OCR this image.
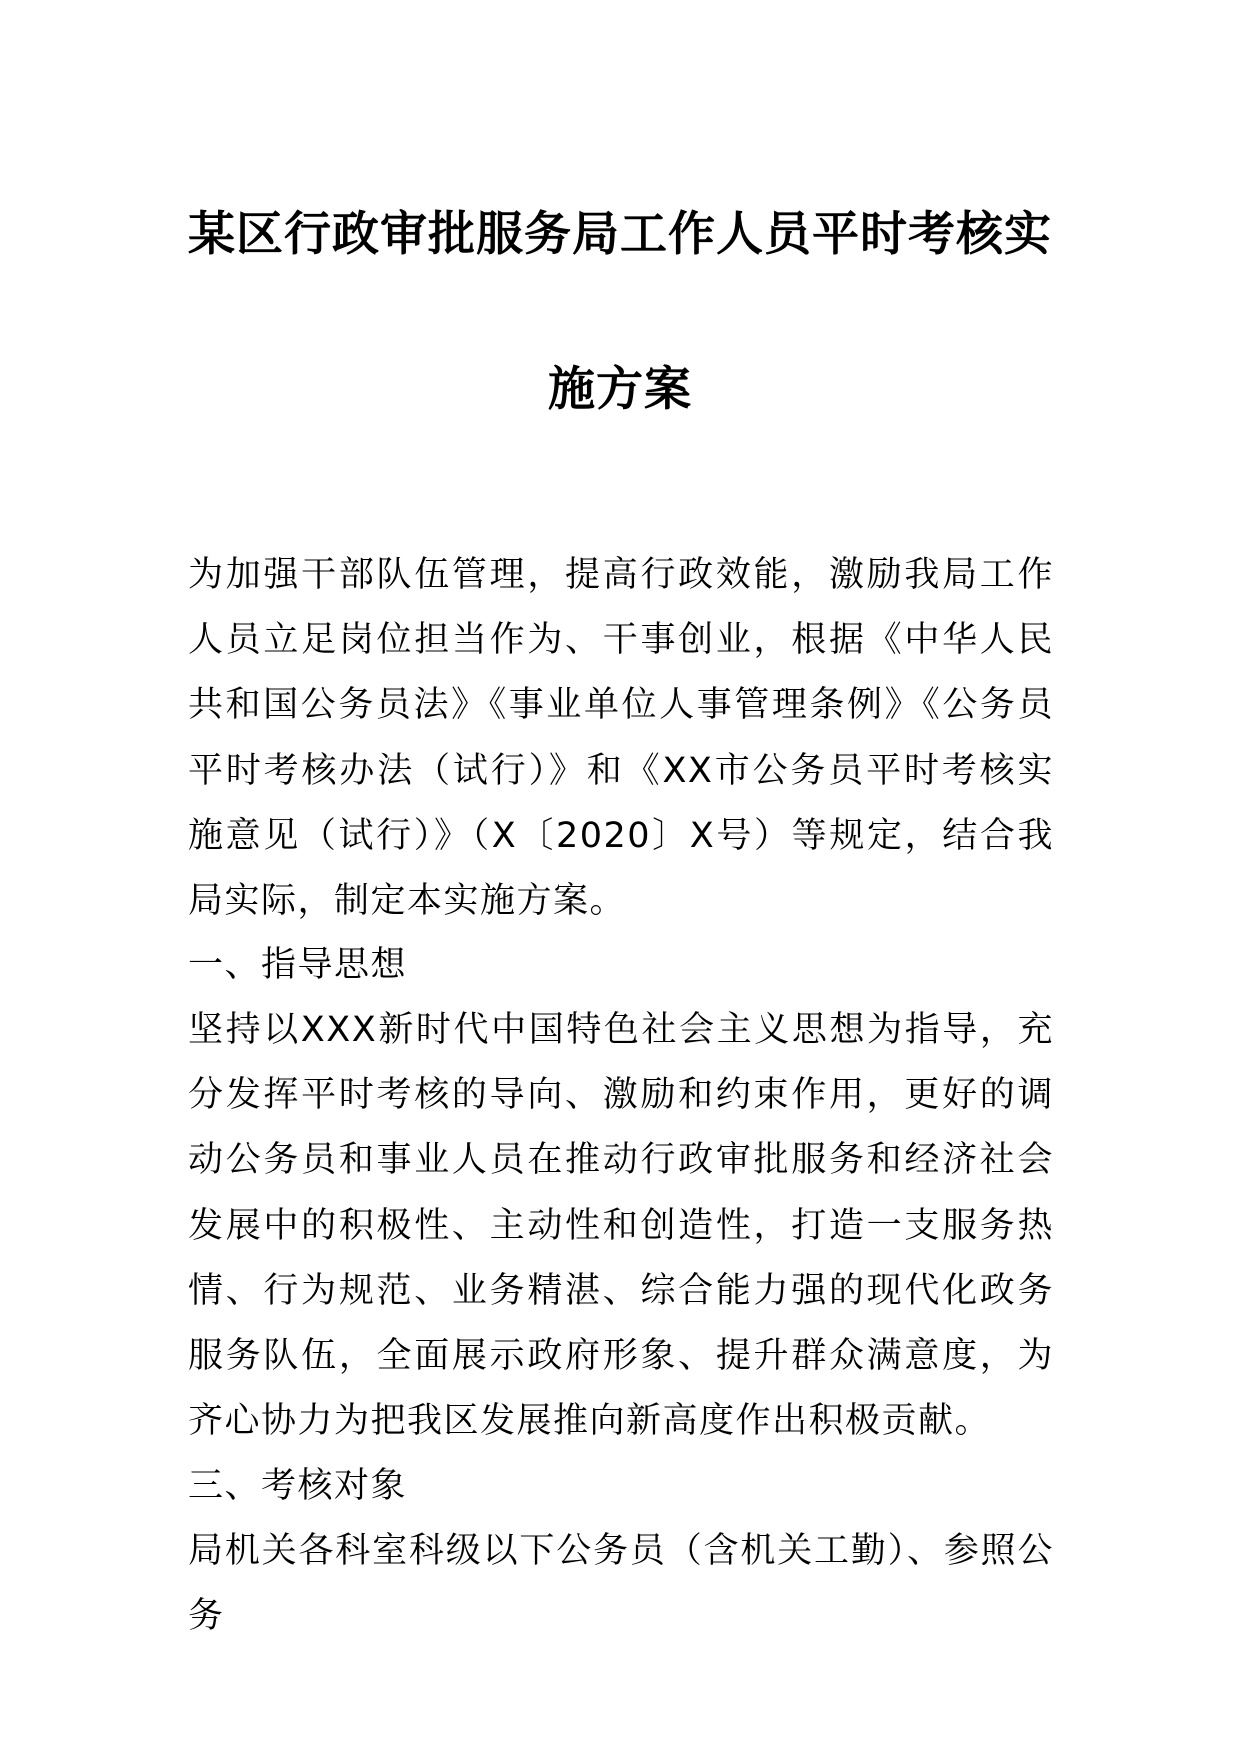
某区行政审批服务局工作人员平时考核实
施方案

为加强干部队伍管理，提高行政效能，激励我局工作人员立足岗位担当作为、干事创业，根据《中华人民共和国公务员法》《事业单位人事管理条例》《公务员平时考核办法（试行）》和《XX市公务员平时考核实施意见（试行）》（X〔2020〕X号）等规定，结合我局实际，制定本实施方案。

一、指导思想

坚持以XXX新时代中国特色社会主义思想为指导，充分发挥平时考核的导向、激励和约束作用，更好的调动公务员和事业人员在推动行政审批服务和经济社会发展中的积极性、主动性和创造性，打造一支服务热情、行为规范、业务精湛、综合能力强的现代化政务服务队伍，全面展示政府形象、提升群众满意度，为齐心协力为把我区发展推向新高度作出积极贡献。

三、考核对象

局机关各科室科级以下公务员（含机关工勤）、参照公务
